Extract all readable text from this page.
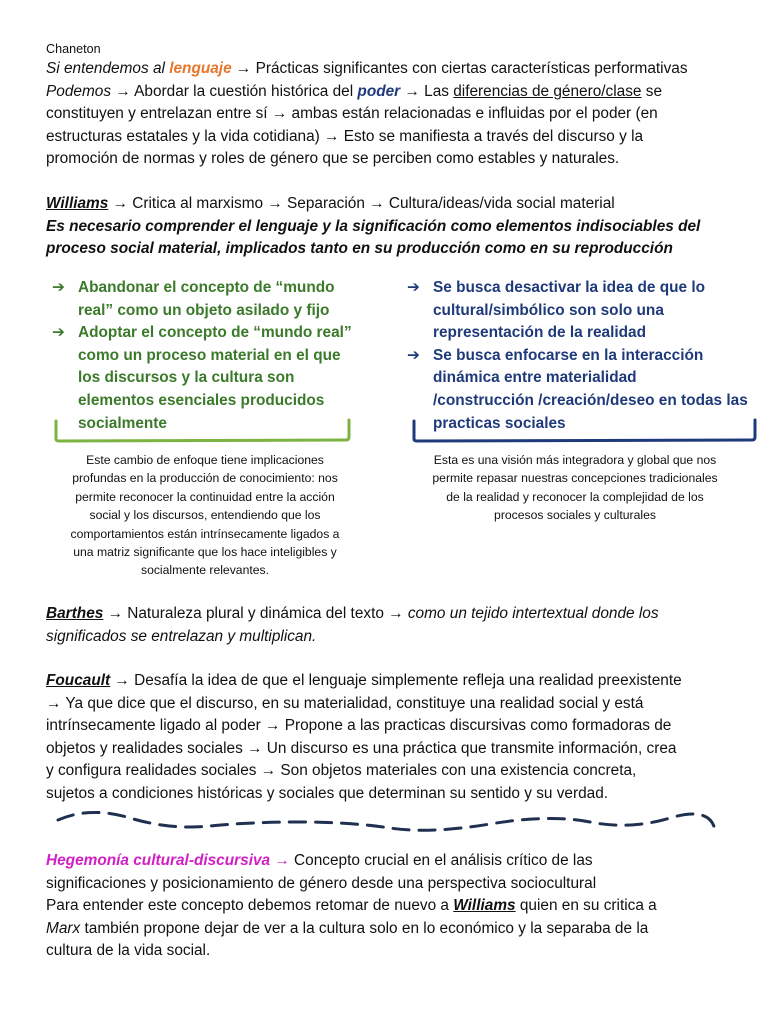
Chaneton
Si entendemos al lenguaje → Prácticas significantes con ciertas características performativas
Podemos → Abordar la cuestión histórica del poder → Las diferencias de género/clase se
constituyen y entrelazan entre sí → ambas están relacionadas e influidas por el poder (en
estructuras estatales y la vida cotidiana) → Esto se manifiesta a través del discurso y la
promoción de normas y roles de género que se perciben como estables y naturales.
Williams → Critica al marxismo → Separación → Cultura/ideas/vida social material
Es necesario comprender el lenguaje y la significación como elementos indisociables del
proceso social material, implicados tanto en su producción como en su reproducción
➔ Abandonar el concepto de “mundo
real” como un objeto asilado y fijo
➔ Adoptar el concepto de “mundo real”
como un proceso material en el que
los discursos y la cultura son
elementos esenciales producidos
socialmente
Este cambio de enfoque tiene implicaciones
profundas en la producción de conocimiento: nos
permite reconocer la continuidad entre la acción
social y los discursos, entendiendo que los
comportamientos están intrínsecamente ligados a
una matriz significante que los hace inteligibles y
socialmente relevantes.
➔ Se busca desactivar la idea de que lo
cultural/simbólico son solo una
representación de la realidad
➔ Se busca enfocarse en la interacción
dinámica entre materialidad
/construcción /creación/deseo en todas las
practicas sociales
Esta es una visión más integradora y global que nos
permite repasar nuestras concepciones tradicionales
de la realidad y reconocer la complejidad de los
procesos sociales y culturales
Barthes → Naturaleza plural y dinámica del texto → como un tejido intertextual donde los
significados se entrelazan y multiplican.
Foucault → Desafía la idea de que el lenguaje simplemente refleja una realidad preexistente
→ Ya que dice que el discurso, en su materialidad, constituye una realidad social y está
intrínsecamente ligado al poder → Propone a las practicas discursivas como formadoras de
objetos y realidades sociales → Un discurso es una práctica que transmite información, crea
y configura realidades sociales → Son objetos materiales con una existencia concreta,
sujetos a condiciones históricas y sociales que determinan su sentido y su verdad.
Hegemonía cultural-discursiva → Concepto crucial en el análisis crítico de las
significaciones y posicionamiento de género desde una perspectiva sociocultural
Para entender este concepto debemos retomar de nuevo a Williams quien en su critica a
Marx también propone dejar de ver a la cultura solo en lo económico y la separaba de la
cultura de la vida social.
